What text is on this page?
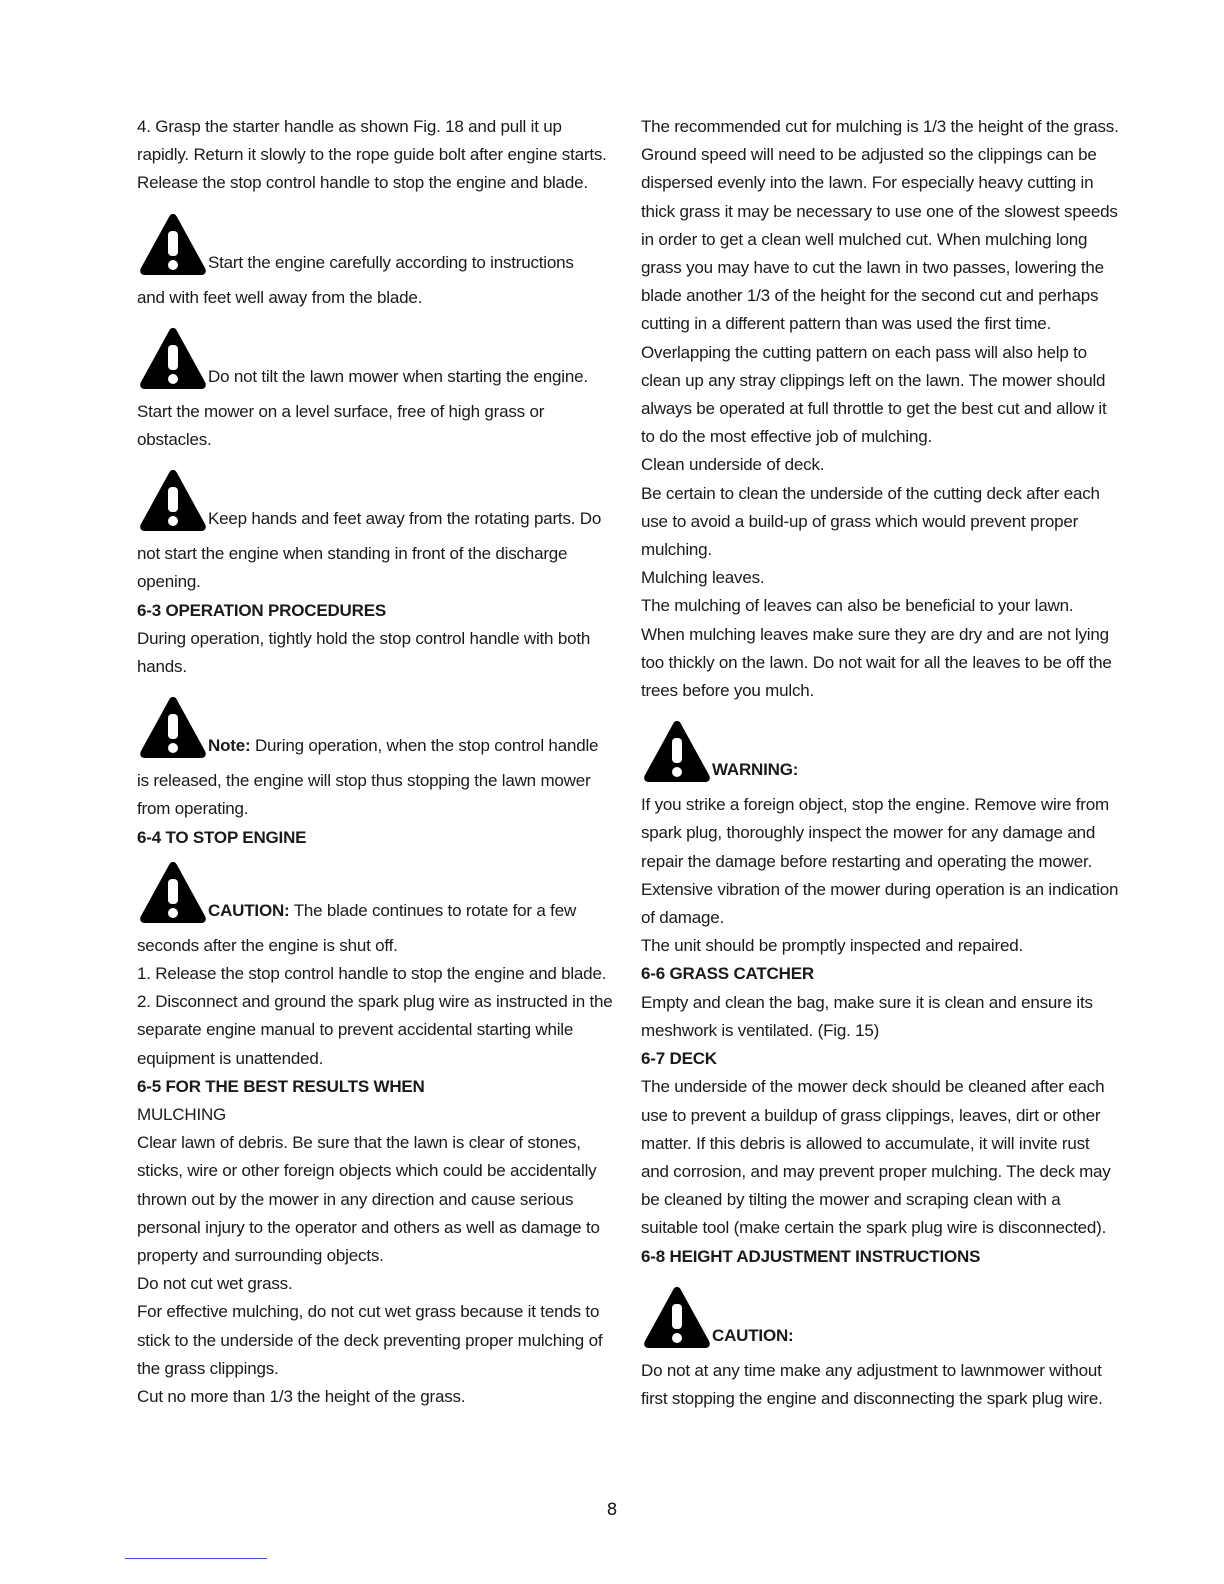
4. Grasp the starter handle as shown Fig. 18 and pull it up rapidly. Return it slowly to the rope guide bolt after engine starts. Release the stop control handle to stop the engine and blade.

Start the engine carefully according to instructions

and with feet well away from the blade.

Do not tilt the lawn mower when starting the engine.

Start the mower on a level surface, free of high grass or obstacles.

Keep hands and feet away from the rotating parts. Do

not start the engine when standing in front of the discharge opening.

6-3 OPERATION PROCEDURES

During operation, tightly hold the stop control handle with both hands.

Note: During operation, when the stop control handle

is released, the engine will stop thus stopping the lawn mower from operating.

6-4 TO STOP ENGINE

CAUTION: The blade continues to rotate for a few

seconds after the engine is shut off.

1. Release the stop control handle to stop the engine and blade.

2. Disconnect and ground the spark plug wire as instructed in the separate engine manual to prevent accidental starting while equipment is unattended.

6-5 FOR THE BEST RESULTS WHEN

MULCHING

Clear lawn of debris. Be sure that the lawn is clear of stones, sticks, wire or other foreign objects which could be accidentally thrown out by the mower in any direction and cause serious personal injury to the operator and others as well as damage to property and surrounding objects.

Do not cut wet grass.

For effective mulching, do not cut wet grass because it tends to stick to the underside of the deck preventing proper mulching of the grass clippings.

Cut no more than 1/3 the height of the grass.

The recommended cut for mulching is 1/3 the height of the grass. Ground speed will need to be adjusted so the clippings can be dispersed evenly into the lawn. For especially heavy cutting in thick grass it may be necessary to use one of the slowest speeds in order to get a clean well mulched cut. When mulching long grass you may have to cut the lawn in two passes, lowering the blade another 1/3 of the height for the second cut and perhaps cutting in a different pattern than was used the first time.

Overlapping the cutting pattern on each pass will also help to clean up any stray clippings left on the lawn. The mower should always be operated at full throttle to get the best cut and allow it to do the most effective job of mulching.

Clean underside of deck.

Be certain to clean the underside of the cutting deck after each use to avoid a build-up of grass which would prevent proper mulching.

Mulching leaves.

The mulching of leaves can also be beneficial to your lawn. When mulching leaves make sure they are dry and are not lying too thickly on the lawn. Do not wait for all the leaves to be off the trees before you mulch.

WARNING:

If you strike a foreign object, stop the engine. Remove wire from spark plug, thoroughly inspect the mower for any damage and repair the damage before restarting and operating the mower. Extensive vibration of the mower during operation is an indication of damage.

The unit should be promptly inspected and repaired.

6-6 GRASS CATCHER

Empty and clean the bag, make sure it is clean and ensure its meshwork is ventilated. (Fig. 15)

6-7 DECK

The underside of the mower deck should be cleaned after each use to prevent a buildup of grass clippings, leaves, dirt or other matter. If this debris is allowed to accumulate, it will invite rust and corrosion, and may prevent proper mulching. The deck may be cleaned by tilting the mower and scraping clean with a suitable tool (make certain the spark plug wire is disconnected).

6-8 HEIGHT ADJUSTMENT INSTRUCTIONS

CAUTION:

Do not at any time make any adjustment to lawnmower without first stopping the engine and disconnecting the spark plug wire.

8
